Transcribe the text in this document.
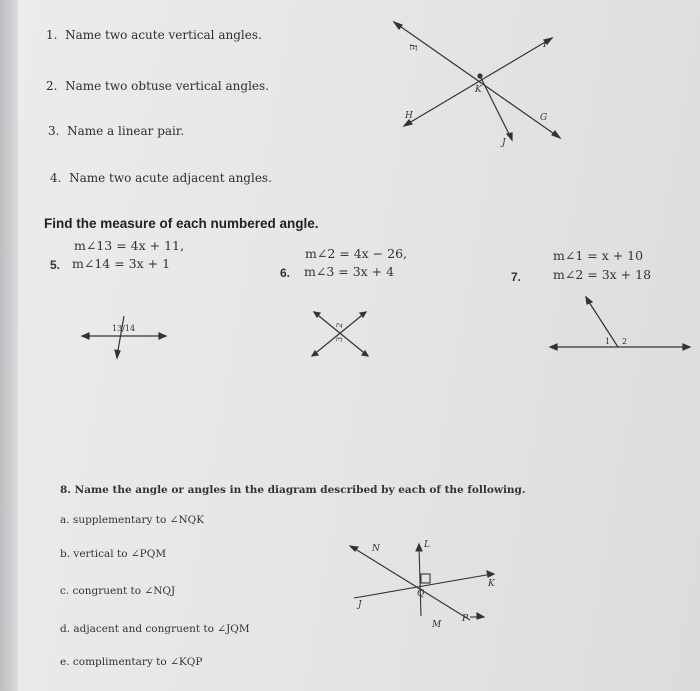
1. Name two acute vertical angles.
2. Name two obtuse vertical angles.
3. Name a linear pair.
4. Name two acute adjacent angles.
E	F
K
H	G
J
Find the measure of each numbered angle.
m∠13 = 4x + 11,
5. m∠14 = 3x + 1
m∠2 = 4x − 26,
6. m∠3 = 3x + 4
m∠1 = x + 10
7.	m∠2 = 3x + 18
13/14	2
3	1 2
8. Name the angle or angles in the diagram described by each of the following.
a. supplementary to ∠NQK
b. vertical to ∠PQM
c. congruent to ∠NQJ
d. adjacent and congruent to ∠JQM
e. complimentary to ∠KQP
N	L
K
Q
J
M
P
